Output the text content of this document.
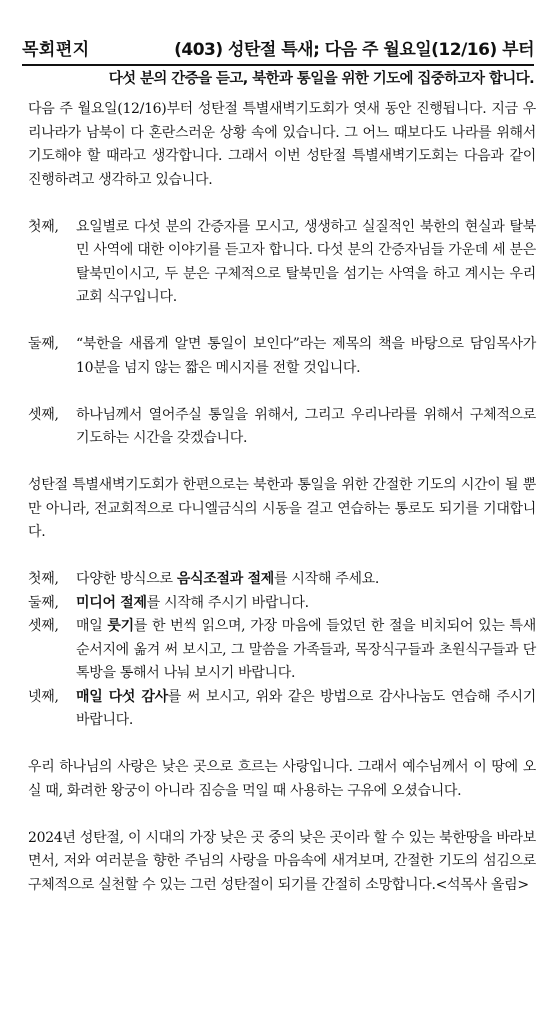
목회편지	(403) 성탄절 특새; 다음 주 월요일(12/16) 부터
다섯 분의 간증을 듣고, 북한과 통일을 위한 기도에 집중하고자 합니다.

다음 주 월요일(12/16)부터 성탄절 특별새벽기도회가 엿새 동안 진행됩니다. 지금 우리나라가 남북이 다 혼란스러운 상황 속에 있습니다. 그 어느 때보다도 나라를 위해서 기도해야 할 때라고 생각합니다. 그래서 이번 성탄절 특별새벽기도회는 다음과 같이 진행하려고 생각하고 있습니다.

첫째,	요일별로 다섯 분의 간증자를 모시고, 생생하고 실질적인 북한의 현실과 탈북민 사역에 대한 이야기를 듣고자 합니다. 다섯 분의 간증자님들 가운데 세 분은 탈북민이시고, 두 분은 구체적으로 탈북민을 섬기는 사역을 하고 계시는 우리 교회 식구입니다.
둘째,	“북한을 새롭게 알면 통일이 보인다”라는 제목의 책을 바탕으로 담임목사가 10분을 넘지 않는 짧은 메시지를 전할 것입니다.
셋째,	하나님께서 열어주실 통일을 위해서, 그리고 우리나라를 위해서 구체적으로 기도하는 시간을 갖겠습니다.

성탄절 특별새벽기도회가 한편으로는 북한과 통일을 위한 간절한 기도의 시간이 될 뿐만 아니라, 전교회적으로 다니엘금식의 시동을 걸고 연습하는 통로도 되기를 기대합니다.

첫째,	다양한 방식으로 음식조절과 절제를 시작해 주세요.
둘째,	미디어 절제를 시작해 주시기 바랍니다.
셋째,	매일 룻기를 한 번씩 읽으며, 가장 마음에 들었던 한 절을 비치되어 있는 특새 순서지에 옮겨 써 보시고, 그 말씀을 가족들과, 목장식구들과 초원식구들과 단톡방을 통해서 나눠 보시기 바랍니다.
넷째,	매일 다섯 감사를 써 보시고, 위와 같은 방법으로 감사나눔도 연습해 주시기 바랍니다.

우리 하나님의 사랑은 낮은 곳으로 흐르는 사랑입니다. 그래서 예수님께서 이 땅에 오실 때, 화려한 왕궁이 아니라 짐승을 먹일 때 사용하는 구유에 오셨습니다.

2024년 성탄절, 이 시대의 가장 낮은 곳 중의 낮은 곳이라 할 수 있는 북한땅을 바라보면서, 저와 여러분을 향한 주님의 사랑을 마음속에 새겨보며, 간절한 기도의 섬김으로 구체적으로 실천할 수 있는 그런 성탄절이 되기를 간절히 소망합니다.<석목사 올림>
